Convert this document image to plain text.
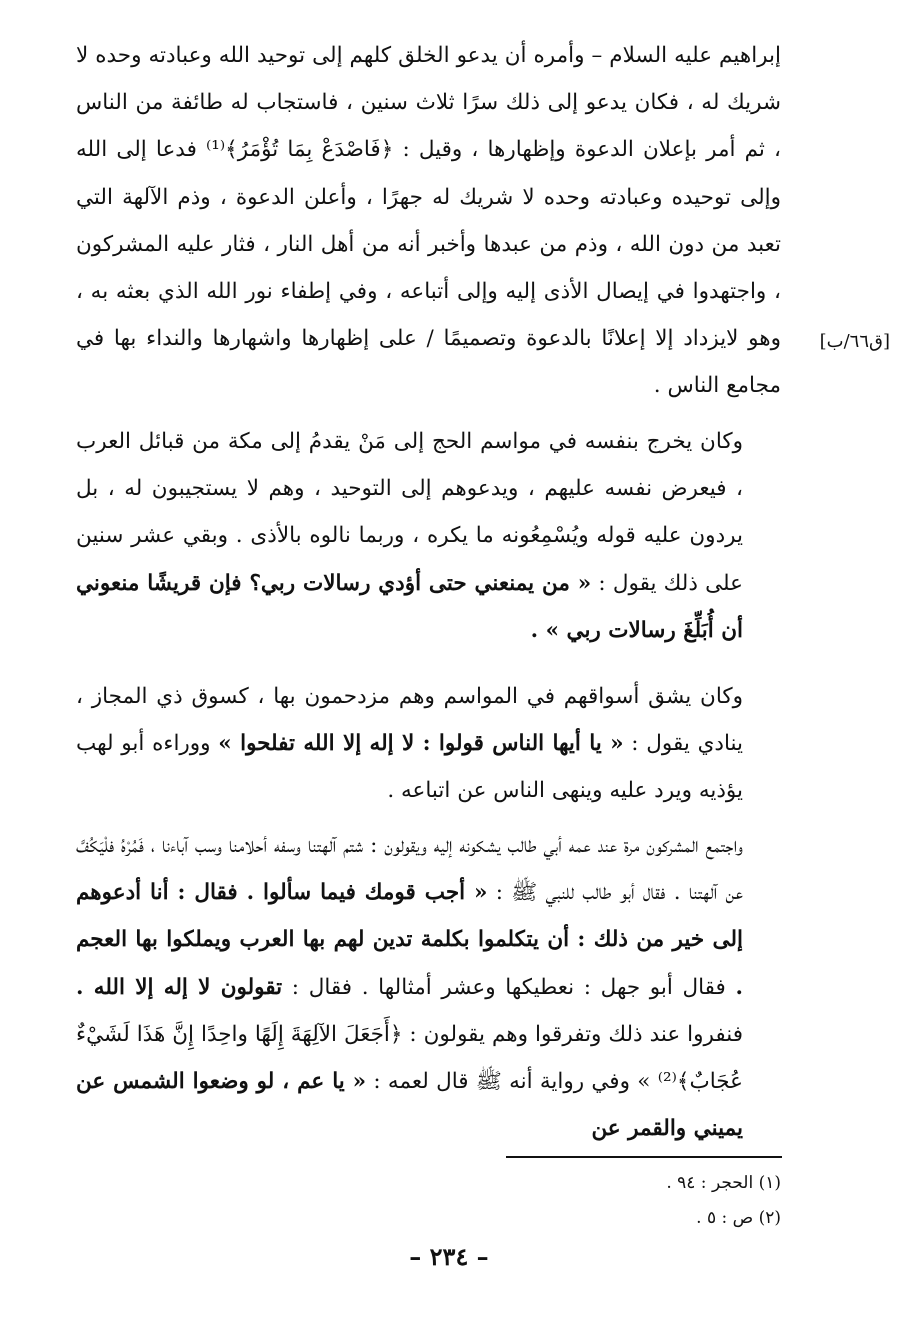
إبراهيم عليه السلام – وأمره أن يدعو الخلق كلهم إلى توحيد الله وعبادته وحده لا شريك له ، فكان يدعو إلى ذلك سرًا ثلاث سنين ، فاستجاب له طائفة من الناس ، ثم أمر بإعلان الدعوة وإظهارها ، وقيل : ﴿فَاصْدَعْ بِمَا تُؤْمَرُ﴾⁽¹⁾ فدعا إلى الله وإلى توحيده وعبادته وحده لا شريك له جهرًا ، وأعلن الدعوة ، وذم الآلهة التي تعبد من دون الله ، وذم من عبدها وأخبر أنه من أهل النار ، فثار عليه المشركون ، واجتهدوا في إيصال الأذى إليه وإلى أتباعه ، وفي إطفاء نور الله الذي بعثه به ، وهو لايزداد إلا إعلانًا بالدعوة وتصميمًا / على إظهارها واشهارها والنداء بها في مجامع الناس .

[ق٦٦/ب]

وكان يخرج بنفسه في مواسم الحج إلى مَنْ يقدمُ إلى مكة من قبائل العرب ، فيعرض نفسه عليهم ، ويدعوهم إلى التوحيد ، وهم لا يستجيبون له ، بل يردون عليه قوله ويُسْمِعُونه ما يكره ، وربما نالوه بالأذى . وبقي عشر سنين على ذلك يقول : « من يمنعني حتى أؤدي رسالات ربي؟ فإن قريشًا منعوني أن أُبَلِّغَ رسالات ربي » .

وكان يشق أسواقهم في المواسم وهم مزدحمون بها ، كسوق ذي المجاز ، ينادي يقول : « يا أيها الناس قولوا : لا إله إلا الله تفلحوا » ووراءه أبو لهب يؤذيه ويرد عليه وينهى الناس عن اتباعه .

واجتمع المشركون مرة عند عمه أبي طالب يشكونه إليه ويقولون : شتم آلهتنا وسفه أحلامنا وسب آباءنا ، فَمُرْهُ فلْيَكُفَّ عن آلهتنا . فقال أبو طالب للنبي ﷺ : « أجب قومك فيما سألوا . فقال : أنا أدعوهم إلى خير من ذلك : أن يتكلموا بكلمة تدين لهم بها العرب ويملكوا بها العجم . فقال أبو جهل : نعطيكها وعشر أمثالها . فقال : تقولون لا إله إلا الله . فنفروا عند ذلك وتفرقوا وهم يقولون : ﴿أَجَعَلَ الآلِهَةَ إِلَهًا واحِدًا إِنَّ هَذَا لَشَيْءٌ عُجَابٌ﴾⁽²⁾ » وفي رواية أنه ﷺ قال لعمه : « يا عم ، لو وضعوا الشمس عن يميني والقمر عن

(١) الحجر : ٩٤ .
(٢) ص : ٥ .
– ٢٣٤ –
